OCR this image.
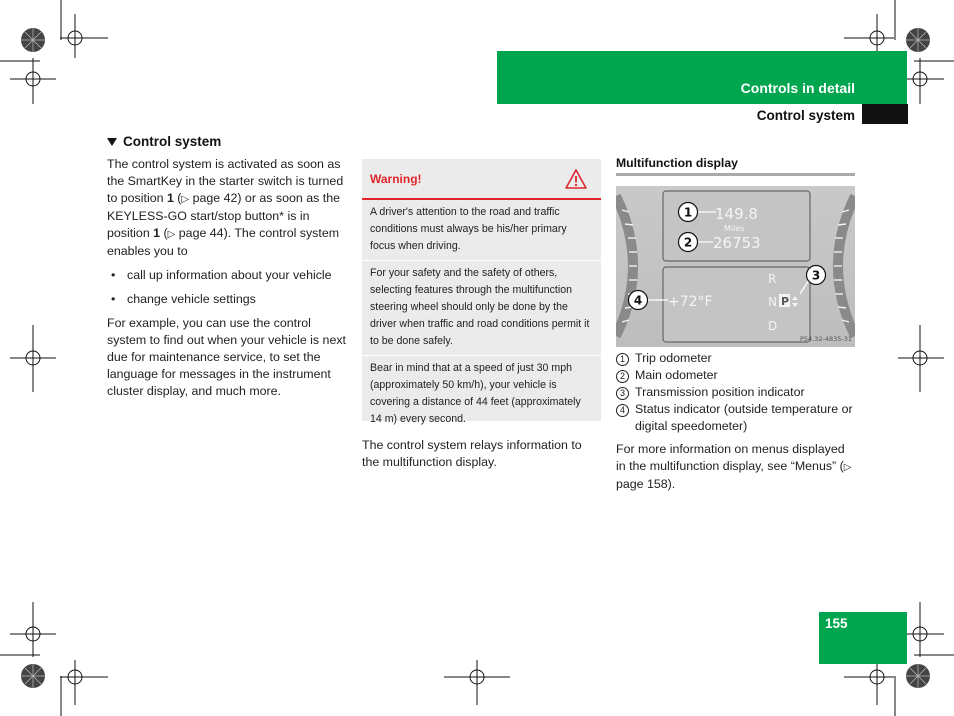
Controls in detail
Control system
Control system

The control system is activated as soon as the SmartKey in the starter switch is turned to position 1 (▷ page 42) or as soon as the KEYLESS-GO start/stop button* is in position 1 (▷ page 44). The control system enables you to

• call up information about your vehicle
• change vehicle settings

For example, you can use the control system to find out when your vehicle is next due for maintenance service, to set the language for messages in the instrument cluster display, and much more.

Warning!

A driver's attention to the road and traffic conditions must always be his/her primary focus when driving.

For your safety and the safety of others, selecting features through the multifunction steering wheel should only be done by the driver when traffic and road conditions permit it to be done safely.

Bear in mind that at a speed of just 30 mph (approximately 50 km/h), your vehicle is covering a distance of 44 feet (approximately 14 m) every second.

The control system relays information to the multifunction display.
Multifunction display
149.8
Miles
26753
+72°F
R
N
D
P
1
2
3
4
P54.32-4835-31
1 Trip odometer
2 Main odometer
3 Transmission position indicator
4 Status indicator (outside temperature or digital speedometer)
For more information on menus displayed in the multifunction display, see “Menus” (▷ page 158).
155
